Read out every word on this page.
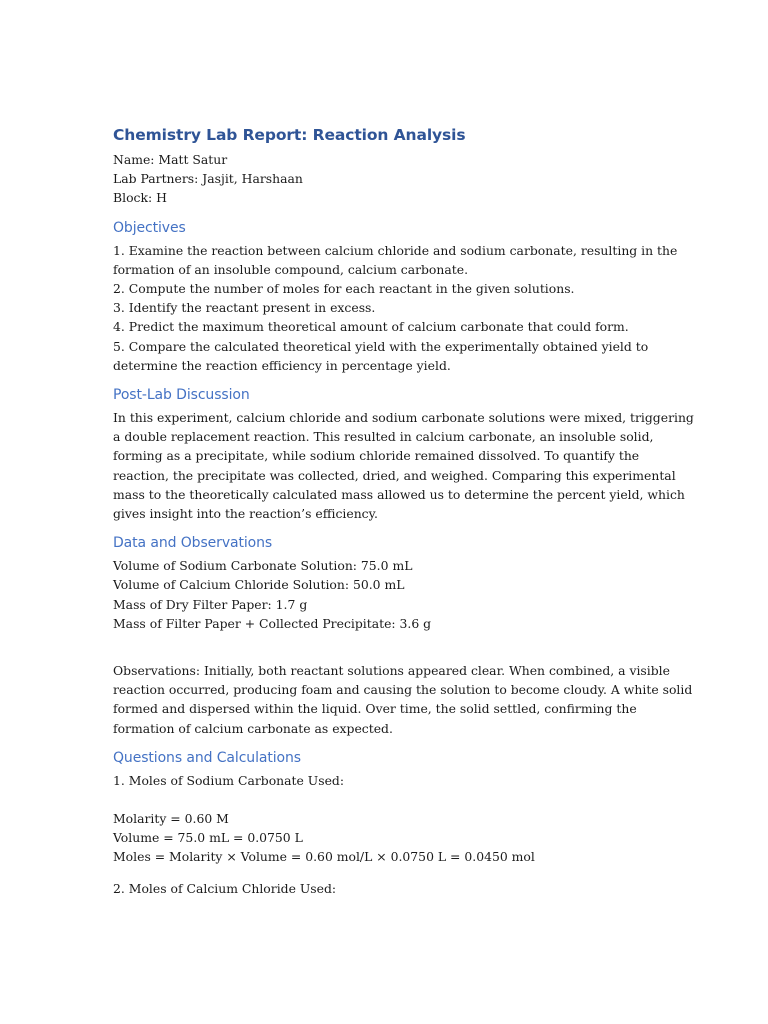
Chemistry Lab Report: Reaction Analysis

Name: Matt Satur

Lab Partners: Jasjit, Harshaan

Block: H

Objectives

1. Examine the reaction between calcium chloride and sodium carbonate, resulting in the

formation of an insoluble compound, calcium carbonate.

2. Compute the number of moles for each reactant in the given solutions.

3. Identify the reactant present in excess.

4. Predict the maximum theoretical amount of calcium carbonate that could form.

5. Compare the calculated theoretical yield with the experimentally obtained yield to

determine the reaction efficiency in percentage yield.

Post-Lab Discussion

In this experiment, calcium chloride and sodium carbonate solutions were mixed, triggering

a double replacement reaction. This resulted in calcium carbonate, an insoluble solid,

forming as a precipitate, while sodium chloride remained dissolved. To quantify the

reaction, the precipitate was collected, dried, and weighed. Comparing this experimental

mass to the theoretically calculated mass allowed us to determine the percent yield, which

gives insight into the reaction’s efficiency.

Data and Observations

Volume of Sodium Carbonate Solution: 75.0 mL

Volume of Calcium Chloride Solution: 50.0 mL

Mass of Dry Filter Paper: 1.7 g

Mass of Filter Paper + Collected Precipitate: 3.6 g

Observations: Initially, both reactant solutions appeared clear. When combined, a visible

reaction occurred, producing foam and causing the solution to become cloudy. A white solid

formed and dispersed within the liquid. Over time, the solid settled, confirming the

formation of calcium carbonate as expected.

Questions and Calculations

1. Moles of Sodium Carbonate Used:

Molarity = 0.60 M

Volume = 75.0 mL = 0.0750 L

Moles = Molarity × Volume = 0.60 mol/L × 0.0750 L = 0.0450 mol

2. Moles of Calcium Chloride Used:
